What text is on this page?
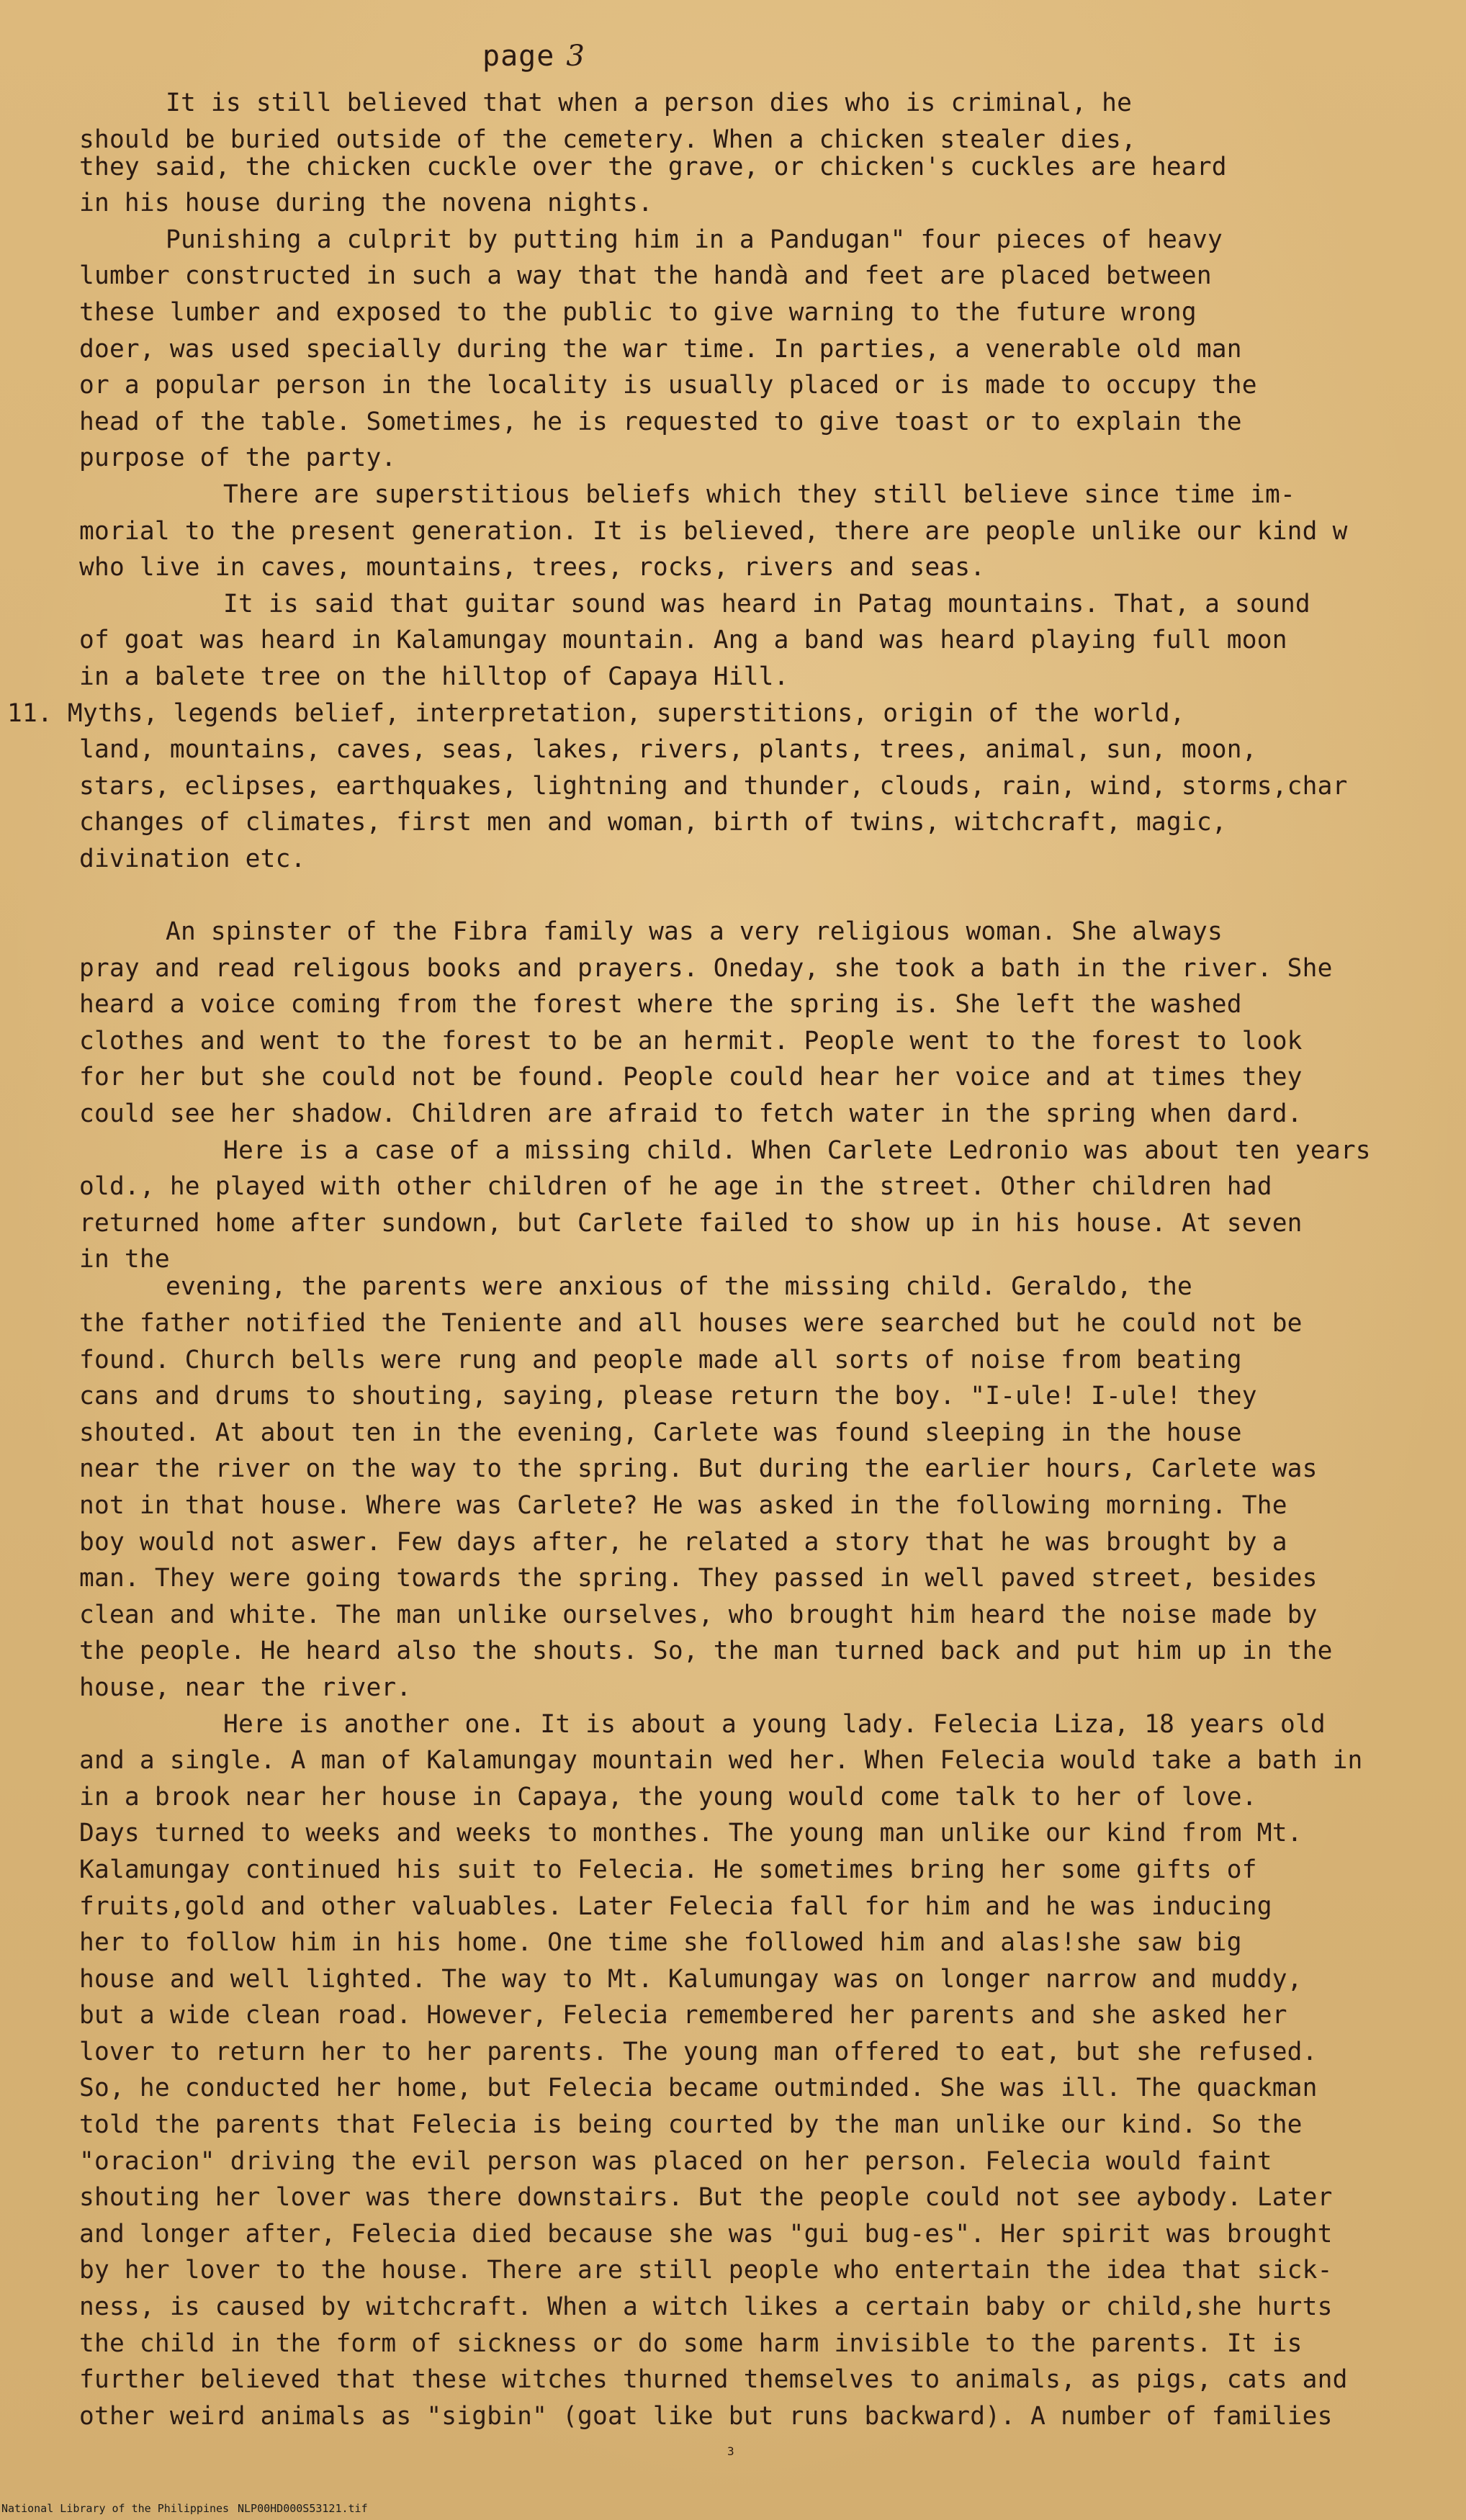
page 3
It is still believed that when a person dies who is criminal, he
should be buried outside of the cemetery. When a chicken stealer dies,
they said, the chicken cuckle over the grave, or chicken's cuckles are heard
in his house during the novena nights.
Punishing a culprit by putting him in a Pandugan" four pieces of heavy
lumber constructed in such a way that the handà and feet are placed between
these lumber and exposed to the public to give warning to the future wrong
doer, was used specially during the war time. In parties, a venerable old man
or a popular person in the locality is usually placed or is made to occupy the
head of the table. Sometimes, he is requested to give toast or to explain the
purpose of the party.
There are superstitious beliefs which they still believe since time im-
morial to the present generation. It is believed, there are people unlike our kind w
who live in caves, mountains, trees, rocks, rivers and seas.
It is said that guitar sound was heard in Patag mountains. That, a sound
of goat was heard in Kalamungay mountain. Ang a band was heard playing full moon
in a balete tree on the hilltop of Capaya Hill.
11. Myths, legends belief, interpretation, superstitions, origin of the world,
land, mountains, caves, seas, lakes, rivers, plants, trees, animal, sun, moon,
stars, eclipses, earthquakes, lightning and thunder, clouds, rain, wind, storms,char
changes of climates, first men and woman, birth of twins, witchcraft, magic,
divination etc.
An spinster of the Fibra family was a very religious woman. She always
pray and read religous books and prayers. Oneday, she took a bath in the river. She
heard a voice coming from the forest where the spring is. She left the washed
clothes and went to the forest to be an hermit. People went to the forest to look
for her but she could not be found. People could hear her voice and at times they
could see her shadow. Children are afraid to fetch water in the spring when dard.
Here is a case of a missing child. When Carlete Ledronio was about ten years
old., he played with other children of he age in the street. Other children had
returned home after sundown, but Carlete failed to show up in his house. At seven
in the
evening, the parents were anxious of the missing child. Geraldo, the
the father notified the Teniente and all houses were searched but he could not be
found. Church bells were rung and people made all sorts of noise from beating
cans and drums to shouting, saying, please return the boy. "I-ule! I-ule! they
shouted. At about ten in the evening, Carlete was found sleeping in the house
near the river on the way to the spring. But during the earlier hours, Carlete was
not in that house. Where was Carlete? He was asked in the following morning. The
boy would not aswer. Few days after, he related a story that he was brought by a
man. They were going towards the spring. They passed in well paved street, besides
clean and white. The man unlike ourselves, who brought him heard the noise made by
the people. He heard also the shouts. So, the man turned back and put him up in the
house, near the river.
Here is another one. It is about a young lady. Felecia Liza, 18 years old
and a single. A man of Kalamungay mountain wed her. When Felecia would take a bath in
in a brook near her house in Capaya, the young would come talk to her of love.
Days turned to weeks and weeks to monthes. The young man unlike our kind from Mt.
Kalamungay continued his suit to Felecia. He sometimes bring her some gifts of
fruits,gold and other valuables. Later Felecia fall for him and he was inducing
her to follow him in his home. One time she followed him and alas!she saw big
house and well lighted. The way to Mt. Kalumungay was on longer narrow and muddy,
but a wide clean road. However, Felecia remembered her parents and she asked her
lover to return her to her parents. The young man offered to eat, but she refused.
So, he conducted her home, but Felecia became outminded. She was ill. The quackman
told the parents that Felecia is being courted by the man unlike our kind. So the
"oracion" driving the evil person was placed on her person. Felecia would faint
shouting her lover was there downstairs. But the people could not see aybody. Later
and longer after, Felecia died because she was "gui bug-es". Her spirit was brought
by her lover to the house. There are still people who entertain the idea that sick-
ness, is caused by witchcraft. When a witch likes a certain baby or child,she hurts
the child in the form of sickness or do some harm invisible to the parents. It is
further believed that these witches thurned themselves to animals, as pigs, cats and
other weird animals as "sigbin" (goat like but runs backward). A number of families
3
National Library of the Philippines NLP00HD000S53121.tif
